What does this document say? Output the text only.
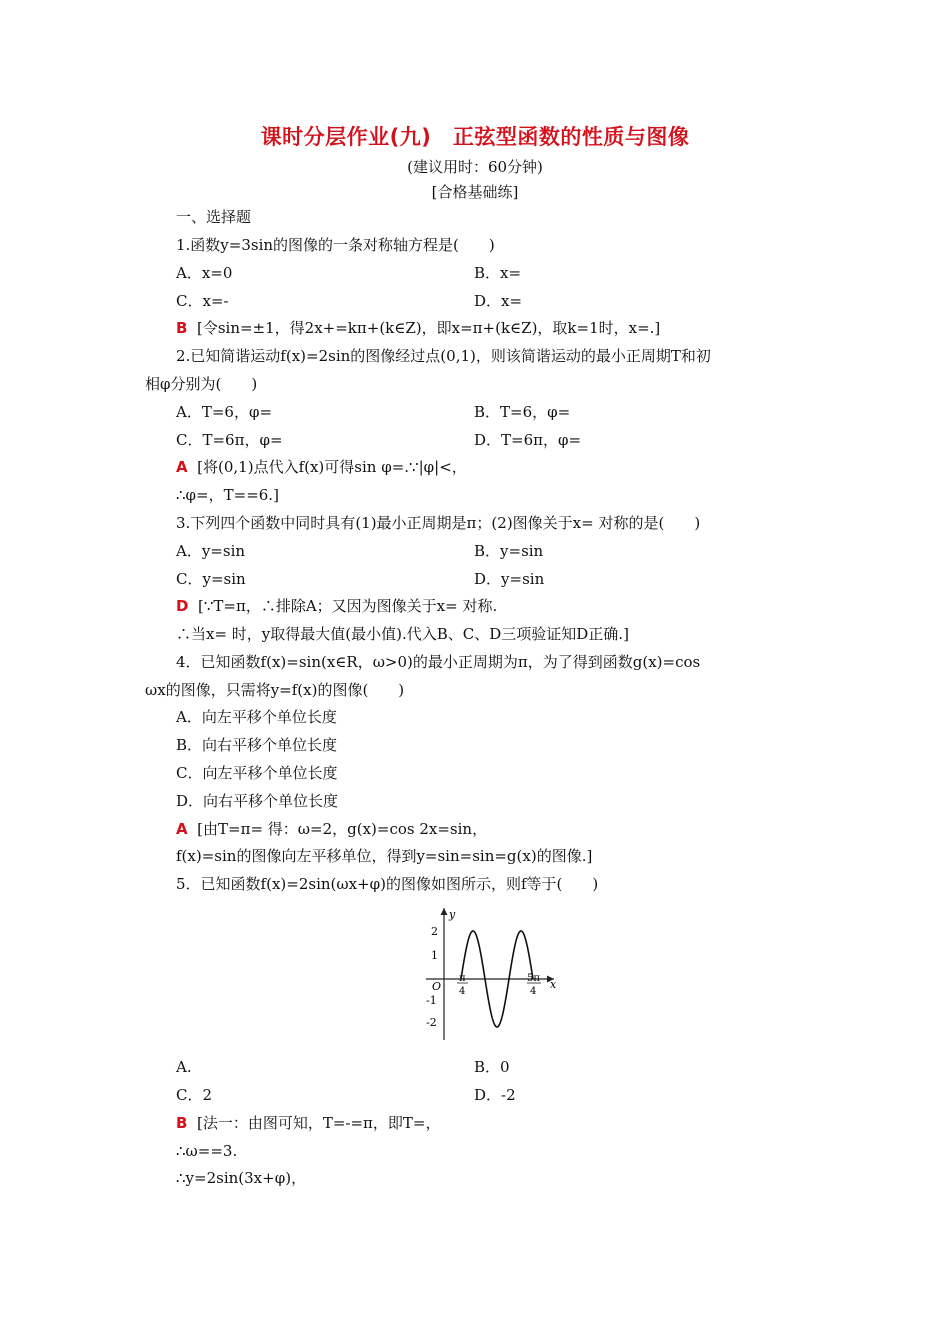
课时分层作业(九)　正弦型函数的性质与图像
(建议用时：60分钟)
[合格基础练]
一、选择题
1.函数y=3sin的图像的一条对称轴方程是(　　)
A．x=0	B．x=
C．x=-	D．x=
B [令sin=±1，得2x+=kπ+(k∈Z)，即x=π+(k∈Z)，取k=1时，x=.]
2.已知简谐运动f(x)=2sin的图像经过点(0,1)，则该简谐运动的最小正周期T和初
相φ分别为(　　)
A．T=6，φ=	B．T=6，φ=
C．T=6π，φ=	D．T=6π，φ=
A [将(0,1)点代入f(x)可得sin φ=.∵|φ|<，
∴φ=，T==6.]
3.下列四个函数中同时具有(1)最小正周期是π；(2)图像关于x= 对称的是(　　)
A．y=sin	B．y=sin
C．y=sin	D．y=sin
D [∵T=π，∴排除A；又因为图像关于x= 对称.
∴当x= 时，y取得最大值(最小值).代入B、C、D三项验证知D正确.]
4．已知函数f(x)=sin(x∈R，ω>0)的最小正周期为π，为了得到函数g(x)=cos
ωx的图像，只需将y=f(x)的图像(　　)
A．向左平移个单位长度
B．向右平移个单位长度
C．向左平移个单位长度
D．向右平移个单位长度
A [由T=π= 得：ω=2，g(x)=cos 2x=sin，
f(x)=sin的图像向左平移单位，得到y=sin=sin=g(x)的图像.]
5．已知函数f(x)=2sin(ωx+φ)的图像如图所示，则f等于(　　)
y
x
O
2
1
-1
-2
π
4
5π
4
A.	B．0
C．2	D．-2
B [法一：由图可知，T=-=π，即T=，
∴ω==3.
∴y=2sin(3x+φ)，
